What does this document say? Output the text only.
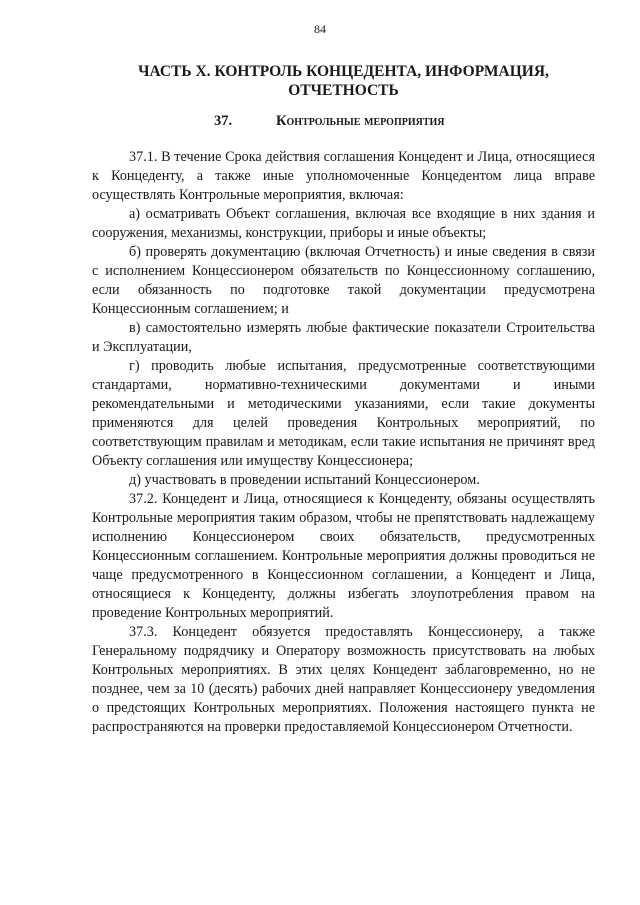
84
ЧАСТЬ X. КОНТРОЛЬ КОНЦЕДЕНТА, ИНФОРМАЦИЯ, ОТЧЕТНОСТЬ
37.	Контрольные мероприятия

37.1. В течение Срока действия соглашения Концедент и Лица, относящиеся к Концеденту, а также иные уполномоченные Концедентом лица вправе осуществлять Контрольные мероприятия, включая:

а) осматривать Объект соглашения, включая все входящие в них здания и сооружения, механизмы, конструкции, приборы и иные объекты;

б) проверять документацию (включая Отчетность) и иные сведения в связи с исполнением Концессионером обязательств по Концессионному соглашению, если обязанность по подготовке такой документации предусмотрена Концессионным соглашением; и

в) самостоятельно измерять любые фактические показатели Строительства и Эксплуатации,

г) проводить любые испытания, предусмотренные соответствующими стандартами, нормативно-техническими документами и иными рекомендательными и методическими указаниями, если такие документы применяются для целей проведения Контрольных мероприятий, по соответствующим правилам и методикам, если такие испытания не причинят вред Объекту соглашения или имуществу Концессионера;

д) участвовать в проведении испытаний Концессионером.

37.2. Концедент и Лица, относящиеся к Концеденту, обязаны осуществлять Контрольные мероприятия таким образом, чтобы не препятствовать надлежащему исполнению Концессионером своих обязательств, предусмотренных Концессионным соглашением. Контрольные мероприятия должны проводиться не чаще предусмотренного в Концессионном соглашении, а Концедент и Лица, относящиеся к Концеденту, должны избегать злоупотребления правом на проведение Контрольных мероприятий.

37.3. Концедент обязуется предоставлять Концессионеру, а также Генеральному подрядчику и Оператору возможность присутствовать на любых Контрольных мероприятиях. В этих целях Концедент заблаговременно, но не позднее, чем за 10 (десять) рабочих дней направляет Концессионеру уведомления о предстоящих Контрольных мероприятиях. Положения настоящего пункта не распространяются на проверки предоставляемой Концессионером Отчетности.
